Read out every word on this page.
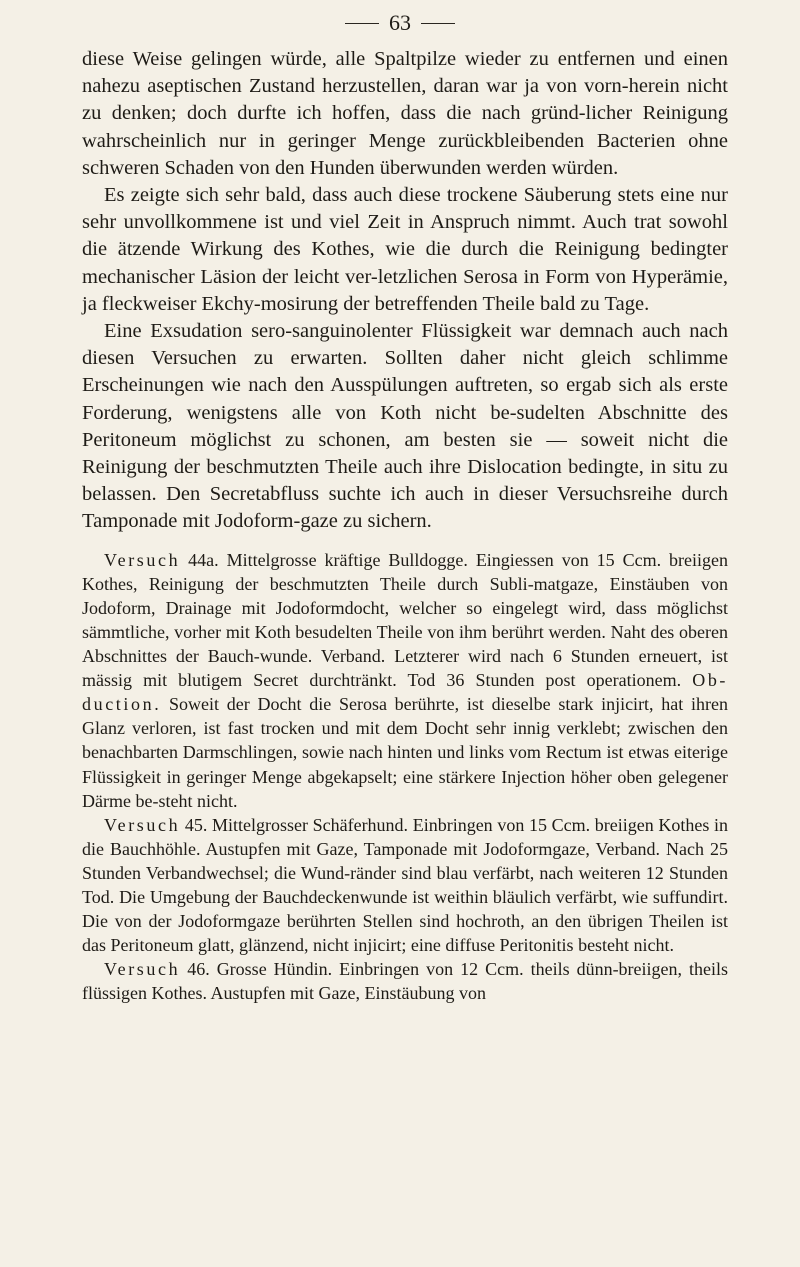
63

diese Weise gelingen würde, alle Spaltpilze wieder zu entfernen und einen nahezu aseptischen Zustand herzustellen, daran war ja von vorn-herein nicht zu denken; doch durfte ich hoffen, dass die nach gründ-licher Reinigung wahrscheinlich nur in geringer Menge zurückbleibenden Bacterien ohne schweren Schaden von den Hunden überwunden werden würden.

Es zeigte sich sehr bald, dass auch diese trockene Säuberung stets eine nur sehr unvollkommene ist und viel Zeit in Anspruch nimmt. Auch trat sowohl die ätzende Wirkung des Kothes, wie die durch die Reinigung bedingter mechanischer Läsion der leicht ver-letzlichen Serosa in Form von Hyperämie, ja fleckweiser Ekchy-mosirung der betreffenden Theile bald zu Tage.

Eine Exsudation sero-sanguinolenter Flüssigkeit war demnach auch nach diesen Versuchen zu erwarten. Sollten daher nicht gleich schlimme Erscheinungen wie nach den Ausspülungen auftreten, so ergab sich als erste Forderung, wenigstens alle von Koth nicht be-sudelten Abschnitte des Peritoneum möglichst zu schonen, am besten sie — soweit nicht die Reinigung der beschmutzten Theile auch ihre Dislocation bedingte, in situ zu belassen. Den Secretabfluss suchte ich auch in dieser Versuchsreihe durch Tamponade mit Jodoform-gaze zu sichern.

Versuch 44a. Mittelgrosse kräftige Bulldogge. Eingiessen von 15 Ccm. breiigen Kothes, Reinigung der beschmutzten Theile durch Subli-matgaze, Einstäuben von Jodoform, Drainage mit Jodoformdocht, welcher so eingelegt wird, dass möglichst sämmtliche, vorher mit Koth besudelten Theile von ihm berührt werden. Naht des oberen Abschnittes der Bauch-wunde. Verband. Letzterer wird nach 6 Stunden erneuert, ist mässig mit blutigem Secret durchtränkt. Tod 36 Stunden post operationem. Ob-duction. Soweit der Docht die Serosa berührte, ist dieselbe stark injicirt, hat ihren Glanz verloren, ist fast trocken und mit dem Docht sehr innig verklebt; zwischen den benachbarten Darmschlingen, sowie nach hinten und links vom Rectum ist etwas eiterige Flüssigkeit in geringer Menge abgekapselt; eine stärkere Injection höher oben gelegener Därme be-steht nicht.

Versuch 45. Mittelgrosser Schäferhund. Einbringen von 15 Ccm. breiigen Kothes in die Bauchhöhle. Austupfen mit Gaze, Tamponade mit Jodoformgaze, Verband. Nach 25 Stunden Verbandwechsel; die Wund-ränder sind blau verfärbt, nach weiteren 12 Stunden Tod. Die Umgebung der Bauchdeckenwunde ist weithin bläulich verfärbt, wie suffundirt. Die von der Jodoformgaze berührten Stellen sind hochroth, an den übrigen Theilen ist das Peritoneum glatt, glänzend, nicht injicirt; eine diffuse Peritonitis besteht nicht.

Versuch 46. Grosse Hündin. Einbringen von 12 Ccm. theils dünn-breiigen, theils flüssigen Kothes. Austupfen mit Gaze, Einstäubung von
